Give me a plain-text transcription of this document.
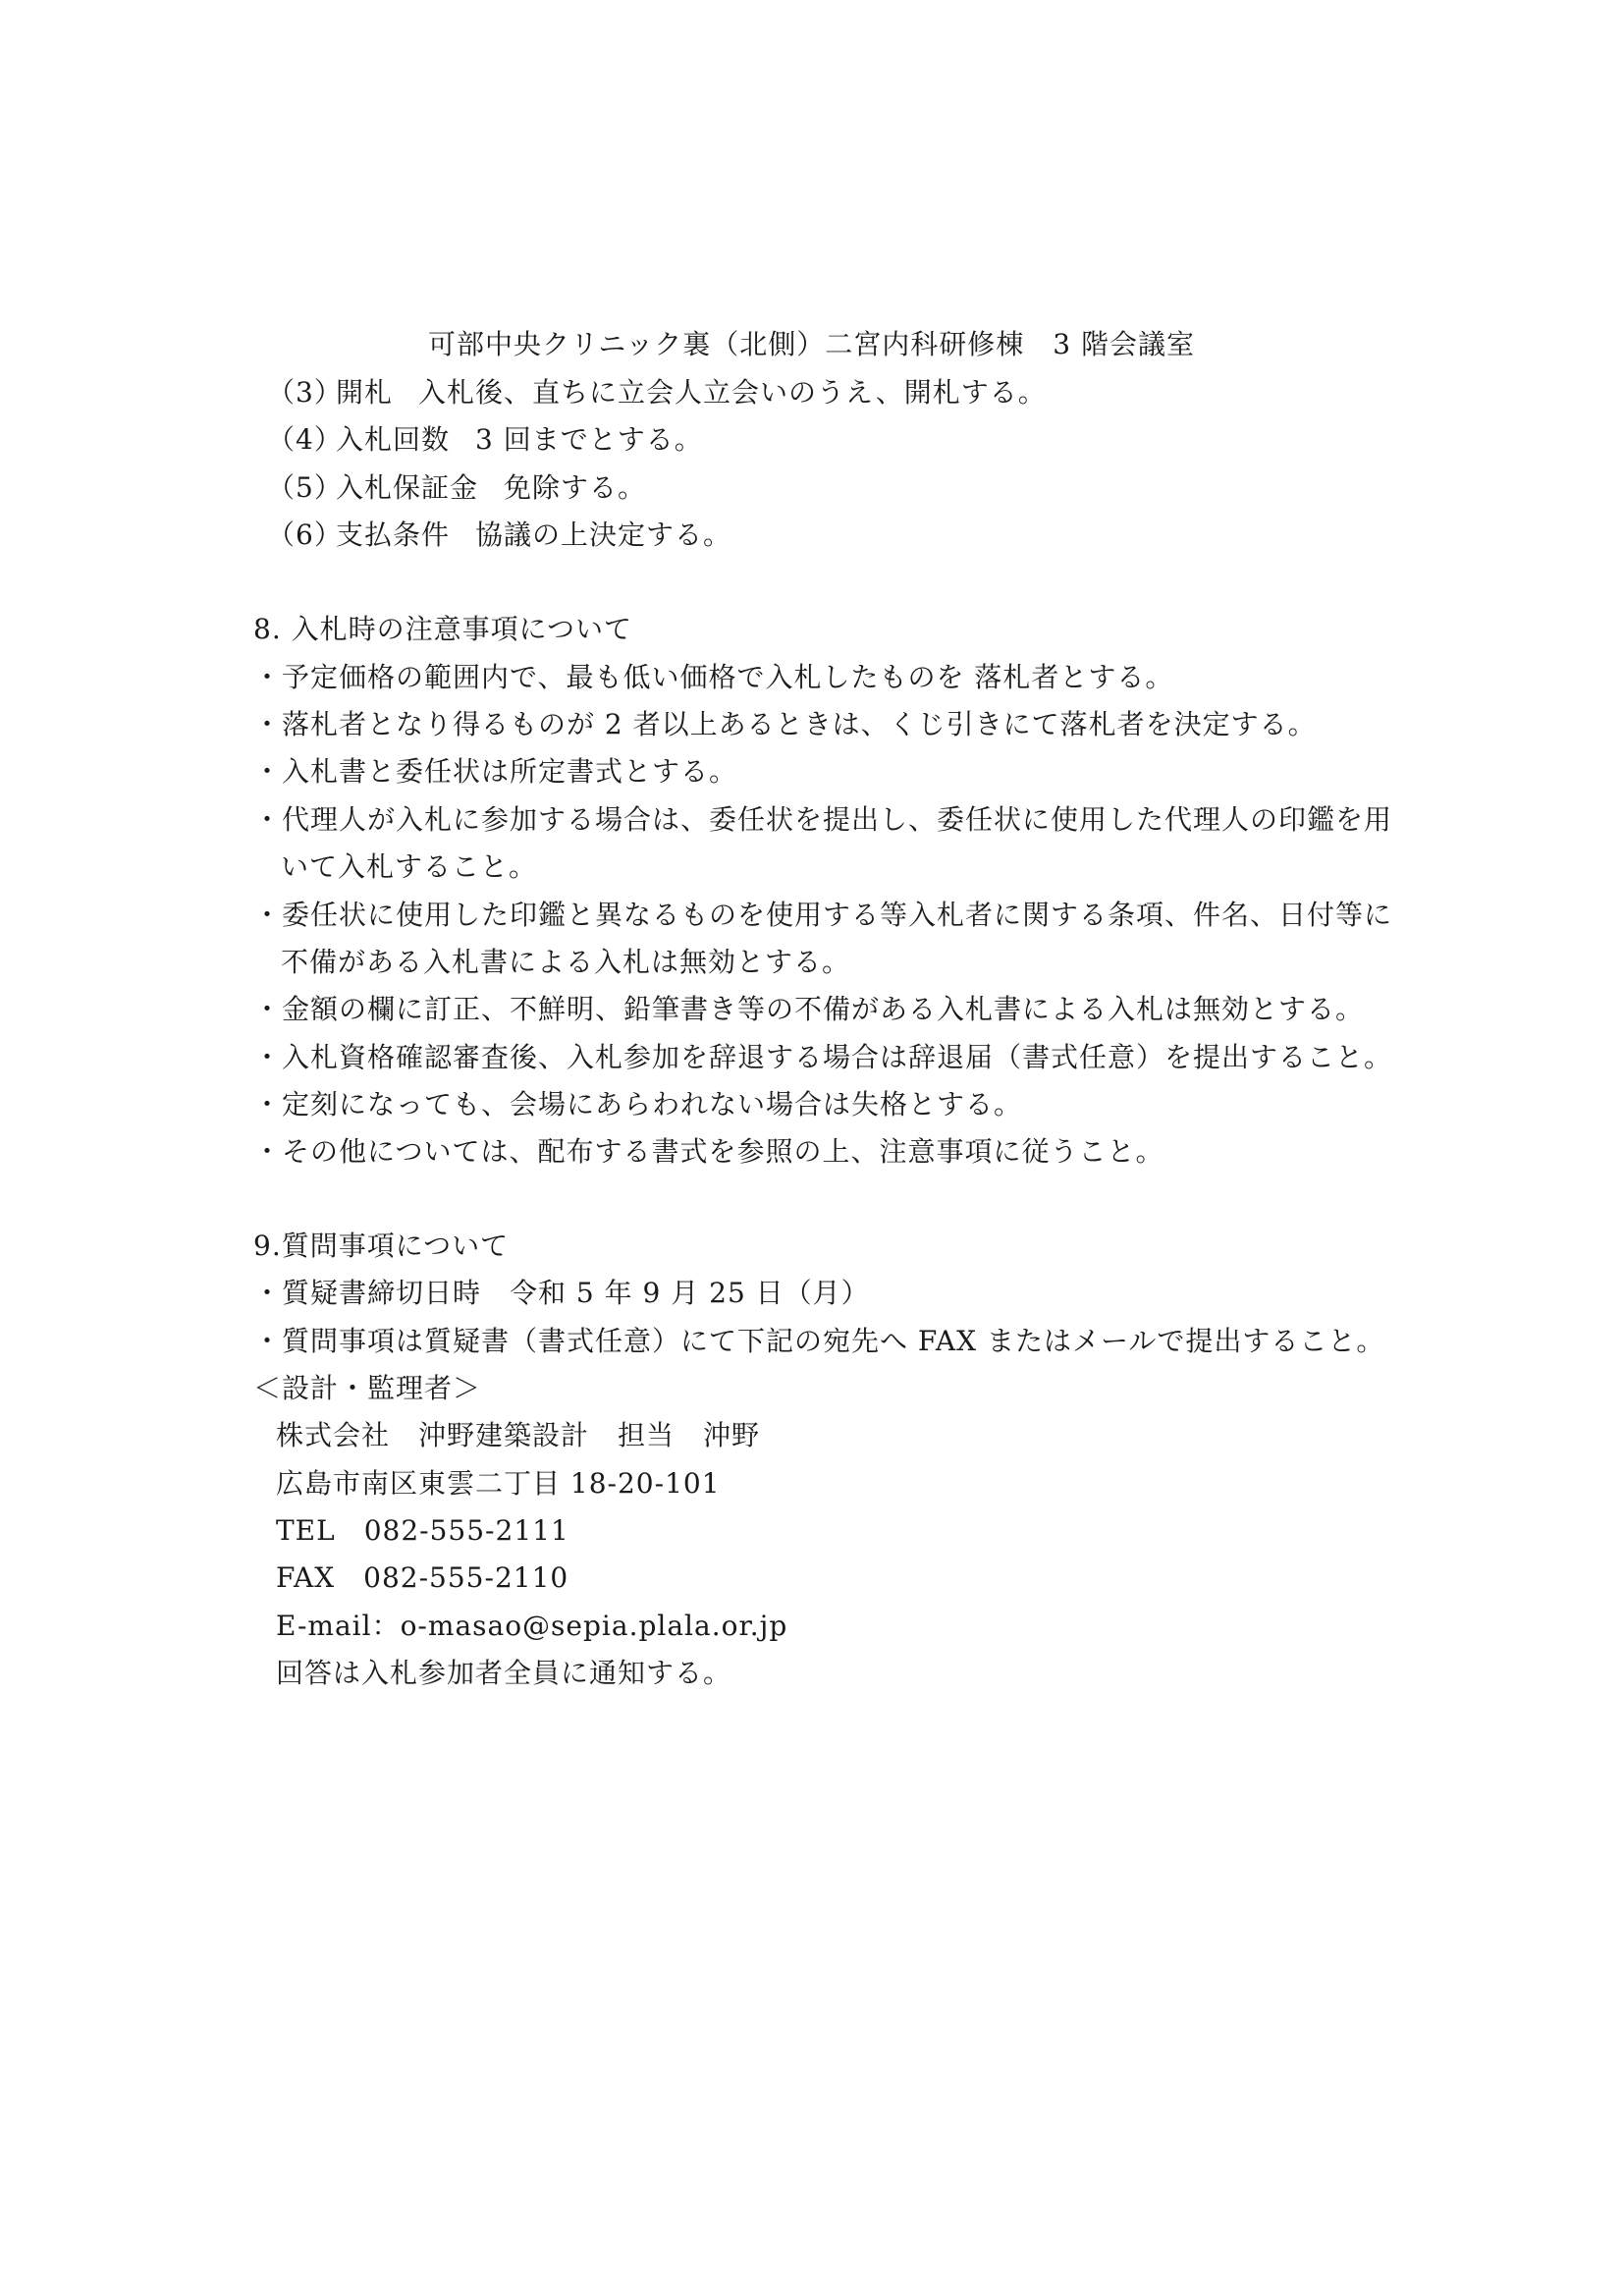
可部中央クリニック裏（北側）二宮内科研修棟　3 階会議室
（3）開札 入札後、直ちに立会人立会いのうえ、開札する。
（4）入札回数 3 回までとする。
（5）入札保証金 免除する。
（6）支払条件 協議の上決定する。
8. 入札時の注意事項について
・予定価格の範囲内で、最も低い価格で入札したものを 落札者とする。
・落札者となり得るものが 2 者以上あるときは、くじ引きにて落札者を決定する。
・入札書と委任状は所定書式とする。
・代理人が入札に参加する場合は、委任状を提出し、委任状に使用した代理人の印鑑を用
いて入札すること。
・委任状に使用した印鑑と異なるものを使用する等入札者に関する条項、件名、日付等に
不備がある入札書による入札は無効とする。
・金額の欄に訂正、不鮮明、鉛筆書き等の不備がある入札書による入札は無効とする。
・入札資格確認審査後、入札参加を辞退する場合は辞退届（書式任意）を提出すること。
・定刻になっても、会場にあらわれない場合は失格とする。
・その他については、配布する書式を参照の上、注意事項に従うこと。
9.質問事項について
・質疑書締切日時　令和 5 年 9 月 25 日（月）
・質問事項は質疑書（書式任意）にて下記の宛先へ FAX またはメールで提出すること。
＜設計・監理者＞
株式会社　沖野建築設計　担当　沖野
広島市南区東雲二丁目 18-20-101
TEL　082-555-2111
FAX　082-555-2110
E-mail：o-masao@sepia.plala.or.jp
回答は入札参加者全員に通知する。
